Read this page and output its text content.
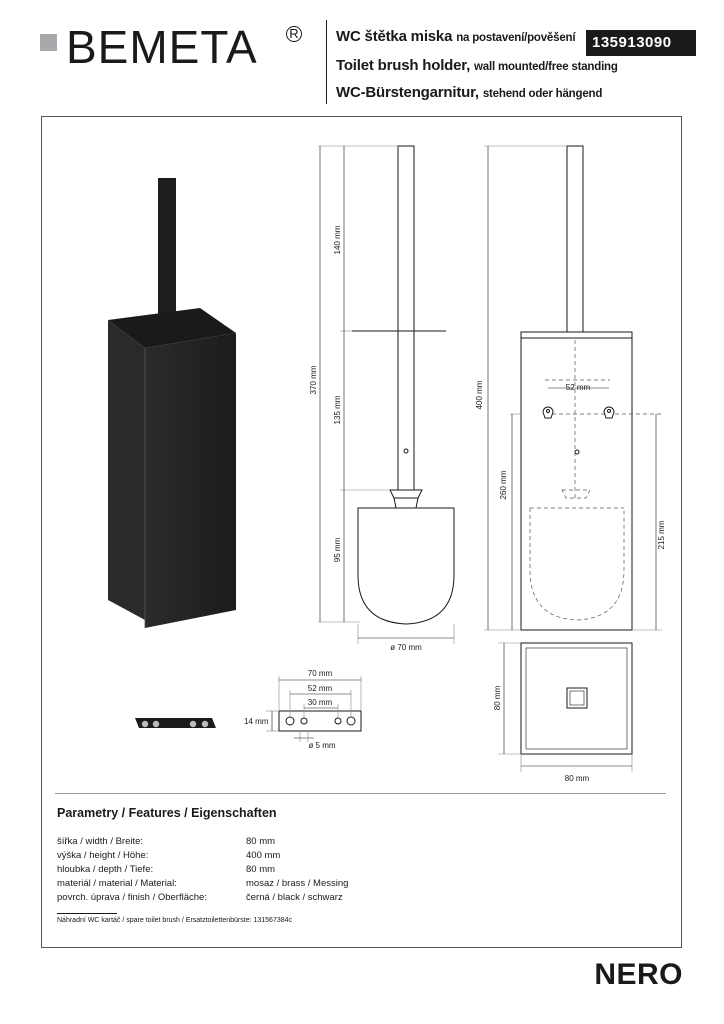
BEMETA R WC štětka miska na postavení/pověšení
Toilet brush holder, wall mounted/free standing
WC-Bürstengarnitur, stehend oder hängend
135913090
140 mm
370 mm
135 mm
95 mm
ø 70 mm
52 mm
400 mm
260 mm
215 mm
80 mm
80 mm
70 mm
52 mm
30 mm
14 mm
ø 5 mm
Parametry / Features / Eigenschaften
šířka / width / Breite:	80 mm
výška / height / Höhe:	400 mm
hloubka / depth / Tiefe:	80 mm
materiál / material / Material:	mosaz / brass / Messing
povrch. úprava / finish / Oberfläche:	černá / black / schwarz
Náhradní WC kartáč / spare toilet brush / Ersatztoilettenbürste: 131567384c
NERO
